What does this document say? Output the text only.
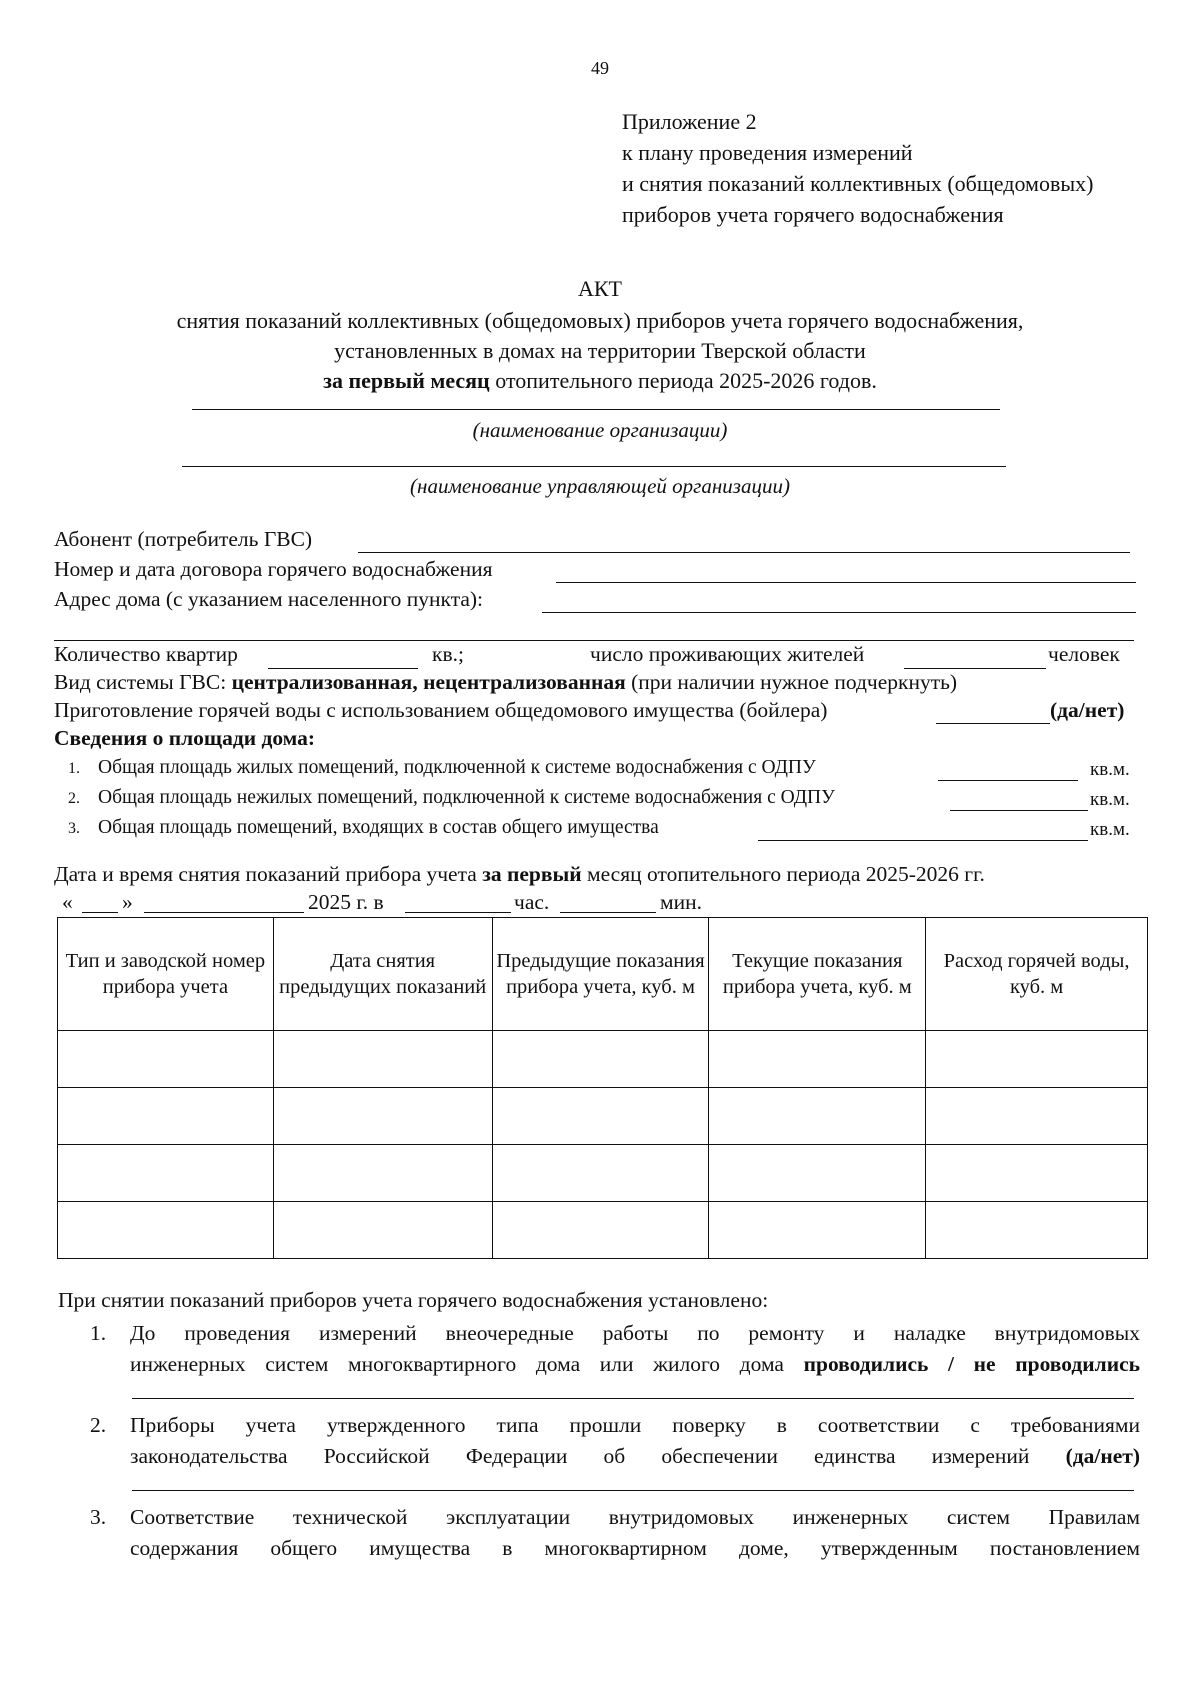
49
Приложение 2
к плану проведения измерений
и снятия показаний коллективных (общедомовых)
приборов учета горячего водоснабжения
АКТ
снятия показаний коллективных (общедомовых) приборов учета горячего водоснабжения,
установленных в домах на территории Тверской области
за первый месяц отопительного периода 2025-2026 годов.
(наименование организации)
(наименование управляющей организации)
Абонент (потребитель ГВС)
Номер и дата договора горячего водоснабжения
Адрес дома (с указанием населенного пункта):
Количество квартир	кв.;	число проживающих жителей	человек
Вид системы ГВС: централизованная, нецентрализованная (при наличии нужное подчеркнуть)
Приготовление горячей воды с использованием общедомового имущества (бойлера)	(да/нет)
Сведения о площади дома:
1. Общая площадь жилых помещений, подключенной к системе водоснабжения с ОДПУ	кв.м.
2. Общая площадь нежилых помещений, подключенной к системе водоснабжения с ОДПУ	кв.м.
3. Общая площадь помещений, входящих в состав общего имущества	кв.м.
Дата и время снятия показаний прибора учета за первый месяц отопительного периода 2025-2026 гг.
« »	2025 г. в	час.	мин.
Тип и заводской номер прибора учета	Дата снятия предыдущих показаний	Предыдущие показания прибора учета, куб. м	Текущие показания прибора учета, куб. м	Расход горячей воды, куб. м

При снятии показаний приборов учета горячего водоснабжения установлено:
1. До проведения измерений внеочередные работы по ремонту и наладке внутридомовых
инженерных систем многоквартирного дома или жилого дома проводились / не проводились
2. Приборы учета утвержденного типа прошли поверку в соответствии с требованиями
законодательства Российской Федерации об обеспечении единства измерений (да/нет)
3. Соответствие технической эксплуатации внутридомовых инженерных систем Правилам
содержания общего имущества в многоквартирном доме, утвержденным постановлением
